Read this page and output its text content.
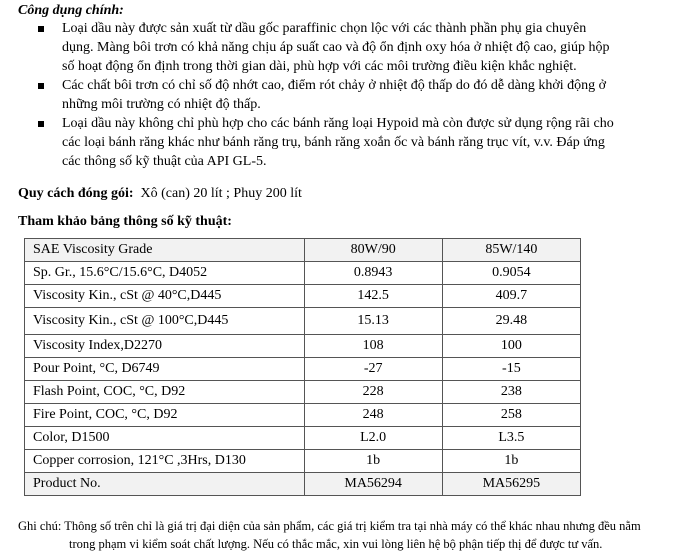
Công dụng chính:
Loại dầu này được sản xuất từ dầu gốc paraffinic chọn lộc với các thành phần phụ gia chuyên
dụng. Màng bôi trơn có khả năng chịu áp suất cao và độ ổn định oxy hóa ở nhiệt độ cao, giúp hộp
số hoạt động ổn định trong thời gian dài, phù hợp với các môi trường điều kiện khắc nghiệt.
Các chất bôi trơn có chỉ số độ nhớt cao, điểm rót chảy ở nhiệt độ thấp do đó dễ dàng khởi động ở
những môi trường có nhiệt độ thấp.
Loại dầu này không chỉ phù hợp cho các bánh răng loại Hypoid mà còn được sử dụng rộng rãi cho
các loại bánh răng khác như bánh răng trụ, bánh răng xoắn ốc và bánh răng trục vít, v.v. Đáp ứng
các thông số kỹ thuật của API GL-5.
Quy cách đóng gói: Xô (can) 20 lít ; Phuy 200 lít
Tham khảo bảng thông số kỹ thuật:
SAE Viscosity Grade	80W/90	85W/140
Sp. Gr., 15.6°C/15.6°C, D4052	0.8943	0.9054
Viscosity Kin., cSt @ 40°C,D445	142.5	409.7
Viscosity Kin., cSt @ 100°C,D445	15.13	29.48
Viscosity Index,D2270	108	100
Pour Point, °C, D6749	-27	-15
Flash Point, COC, °C, D92	228	238
Fire Point, COC, °C, D92	248	258
Color, D1500	L2.0	L3.5
Copper corrosion, 121°C ,3Hrs, D130	1b	1b
Product No.	MA56294	MA56295
Ghi chú: Thông số trên chỉ là giá trị đại diện của sản phẩm, các giá trị kiểm tra tại nhà máy có thể khác nhau nhưng đều nằm
trong phạm vi kiểm soát chất lượng. Nếu có thắc mắc, xin vui lòng liên hệ bộ phận tiếp thị để được tư vấn.
